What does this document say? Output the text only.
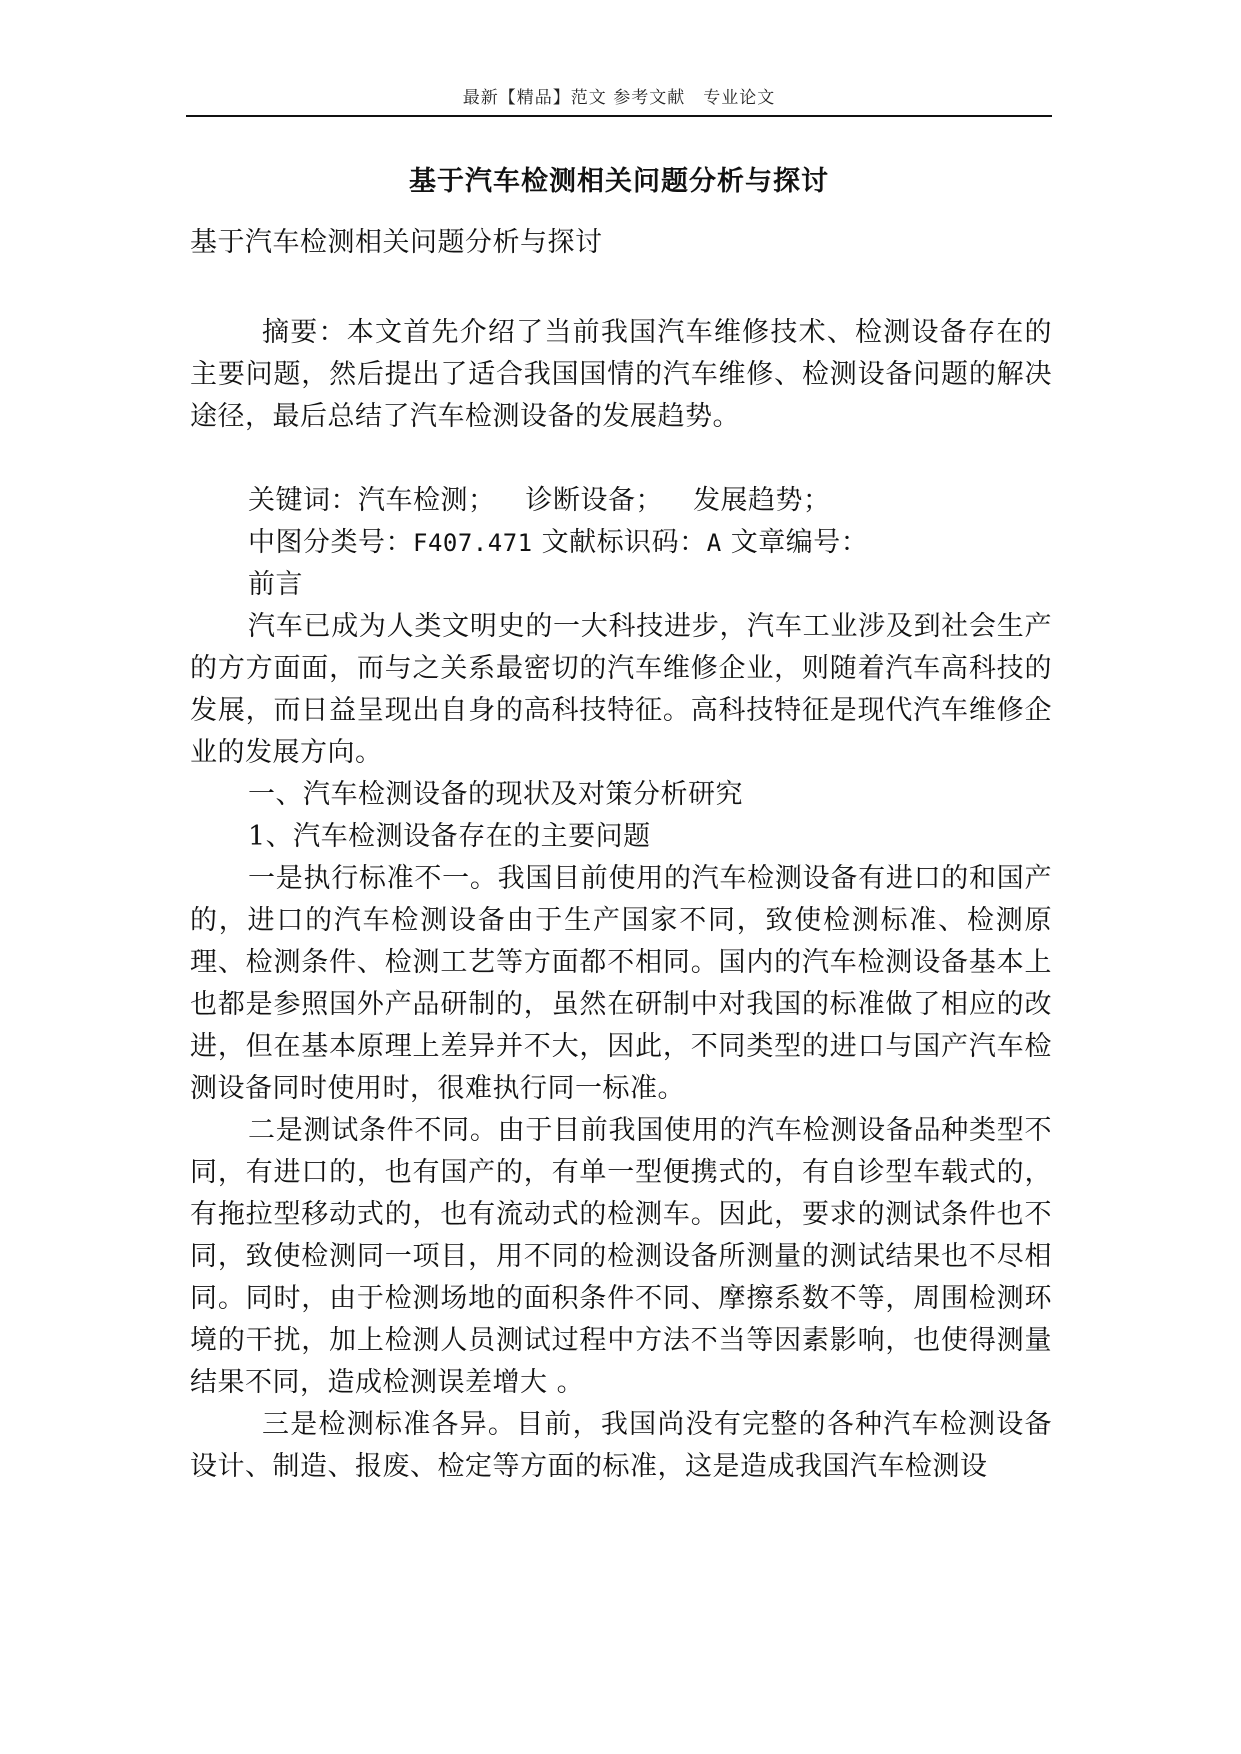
最新【精品】范文 参考文献　专业论文
基于汽车检测相关问题分析与探讨

基于汽车检测相关问题分析与探讨

摘要：本文首先介绍了当前我国汽车维修技术、检测设备存在的主要问题，然后提出了适合我国国情的汽车维修、检测设备问题的解决途径，最后总结了汽车检测设备的发展趋势。

关键词：汽车检测； 诊断设备； 发展趋势；

中图分类号：F407.471 文献标识码：A 文章编号：

前言

汽车已成为人类文明史的一大科技进步，汽车工业涉及到社会生产的方方面面，而与之关系最密切的汽车维修企业，则随着汽车高科技的发展，而日益呈现出自身的高科技特征。高科技特征是现代汽车维修企业的发展方向。

一、汽车检测设备的现状及对策分析研究

1、汽车检测设备存在的主要问题

一是执行标准不一。我国目前使用的汽车检测设备有进口的和国产的，进口的汽车检测设备由于生产国家不同，致使检测标准、检测原理、检测条件、检测工艺等方面都不相同。国内的汽车检测设备基本上也都是参照国外产品研制的，虽然在研制中对我国的标准做了相应的改进，但在基本原理上差异并不大，因此，不同类型的进口与国产汽车检测设备同时使用时，很难执行同一标准。

二是测试条件不同。由于目前我国使用的汽车检测设备品种类型不同，有进口的，也有国产的，有单一型便携式的，有自诊型车载式的，有拖拉型移动式的，也有流动式的检测车。因此，要求的测试条件也不同，致使检测同一项目，用不同的检测设备所测量的测试结果也不尽相同。同时，由于检测场地的面积条件不同、摩擦系数不等，周围检测环境的干扰，加上检测人员测试过程中方法不当等因素影响，也使得测量结果不同，造成检测误差增大 。

三是检测标准各异。目前，我国尚没有完整的各种汽车检测设备设计、制造、报废、检定等方面的标准，这是造成我国汽车检测设
